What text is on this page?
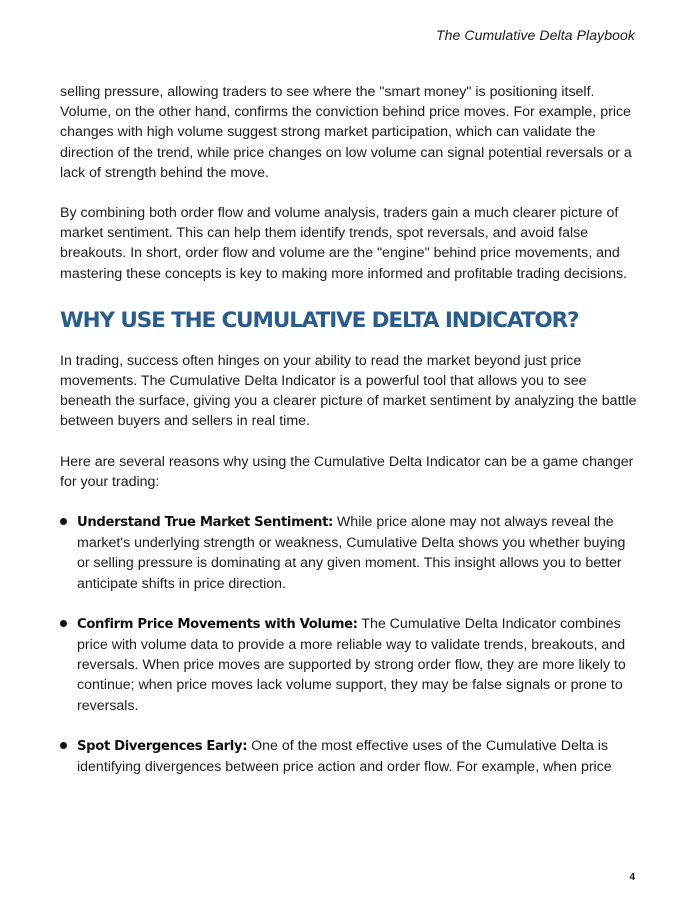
The Cumulative Delta Playbook

selling pressure, allowing traders to see where the "smart money" is positioning itself. Volume, on the other hand, confirms the conviction behind price moves. For example, price changes with high volume suggest strong market participation, which can validate the direction of the trend, while price changes on low volume can signal potential reversals or a lack of strength behind the move.

By combining both order flow and volume analysis, traders gain a much clearer picture of market sentiment. This can help them identify trends, spot reversals, and avoid false breakouts. In short, order flow and volume are the "engine" behind price movements, and mastering these concepts is key to making more informed and profitable trading decisions.

WHY USE THE CUMULATIVE DELTA INDICATOR?

In trading, success often hinges on your ability to read the market beyond just price movements. The Cumulative Delta Indicator is a powerful tool that allows you to see beneath the surface, giving you a clearer picture of market sentiment by analyzing the battle between buyers and sellers in real time.

Here are several reasons why using the Cumulative Delta Indicator can be a game changer for your trading:

Understand True Market Sentiment: While price alone may not always reveal the market's underlying strength or weakness, Cumulative Delta shows you whether buying or selling pressure is dominating at any given moment. This insight allows you to better anticipate shifts in price direction.
Confirm Price Movements with Volume: The Cumulative Delta Indicator combines price with volume data to provide a more reliable way to validate trends, breakouts, and reversals. When price moves are supported by strong order flow, they are more likely to continue; when price moves lack volume support, they may be false signals or prone to reversals.
Spot Divergences Early: One of the most effective uses of the Cumulative Delta is identifying divergences between price action and order flow. For example, when price
4
